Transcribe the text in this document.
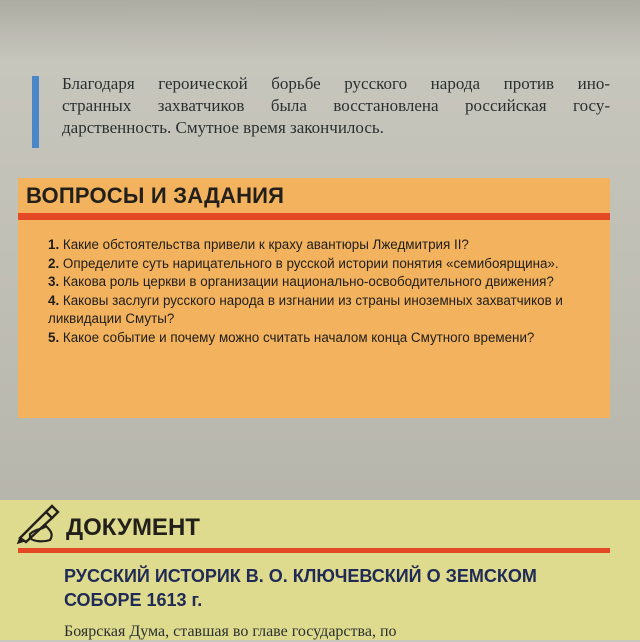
Благодаря героической борьбе русского народа против ино-
странных захватчиков была восстановлена российская госу-
дарственность. Смутное время закончилось.
ВОПРОСЫ И ЗАДАНИЯ

1. Какие обстоятельства привели к краху авантюры Лжедмитрия II?

2. Определите суть нарицательного в русской истории понятия «семибоярщина».

3. Какова роль церкви в организации национально-освободительного движения?

4. Каковы заслуги русского народа в изгнании из страны иноземных захватчиков и ликвидации Смуты?

5. Какое событие и почему можно считать началом конца Смутного времени?

ДОКУМЕНТ
РУССКИЙ ИСТОРИК В. О. КЛЮЧЕВСКИЙ О ЗЕМСКОМ
СОБОРЕ 1613 г.
Боярская Дума, ставшая во главе государства, по
